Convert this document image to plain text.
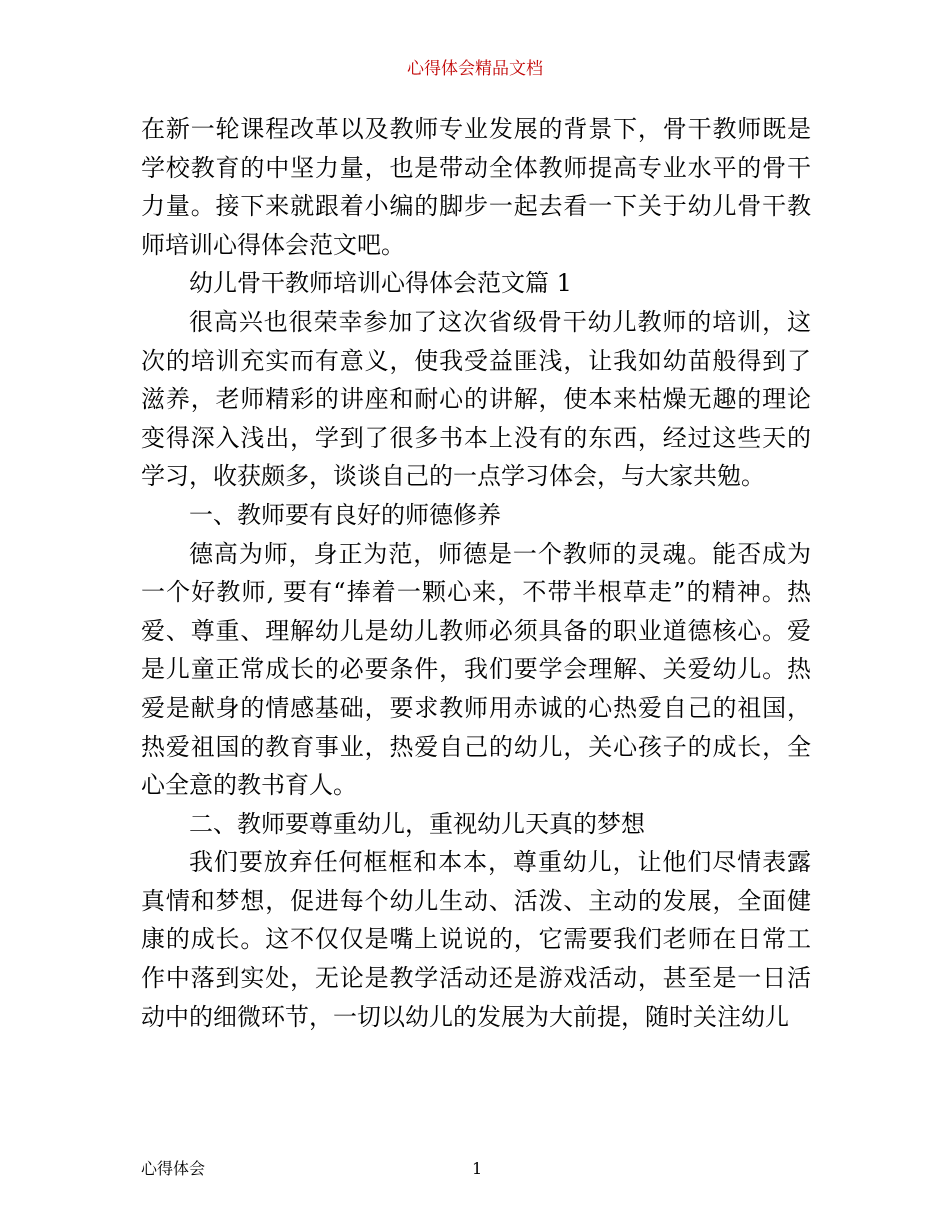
心得体会精品文档

在新一轮课程改革以及教师专业发展的背景下，骨干教师既是学校教育的中坚力量，也是带动全体教师提高专业水平的骨干力量。接下来就跟着小编的脚步一起去看一下关于幼儿骨干教师培训心得体会范文吧。

幼儿骨干教师培训心得体会范文篇 1

很高兴也很荣幸参加了这次省级骨干幼儿教师的培训，这次的培训充实而有意义，使我受益匪浅，让我如幼苗般得到了滋养，老师精彩的讲座和耐心的讲解，使本来枯燥无趣的理论变得深入浅出，学到了很多书本上没有的东西，经过这些天的学习，收获颇多，谈谈自己的一点学习体会，与大家共勉。

一、教师要有良好的师德修养

德高为师，身正为范，师德是一个教师的灵魂。能否成为一个好教师, 要有“捧着一颗心来，不带半根草走”的精神。热爱、尊重、理解幼儿是幼儿教师必须具备的职业道德核心。爱是儿童正常成长的必要条件，我们要学会理解、关爱幼儿。热爱是献身的情感基础，要求教师用赤诚的心热爱自己的祖国，热爱祖国的教育事业，热爱自己的幼儿，关心孩子的成长，全心全意的教书育人。

二、教师要尊重幼儿，重视幼儿天真的梦想

我们要放弃任何框框和本本，尊重幼儿，让他们尽情表露真情和梦想，促进每个幼儿生动、活泼、主动的发展，全面健康的成长。这不仅仅是嘴上说说的，它需要我们老师在日常工作中落到实处，无论是教学活动还是游戏活动，甚至是一日活动中的细微环节，一切以幼儿的发展为大前提，随时关注幼儿

心得体会	1
